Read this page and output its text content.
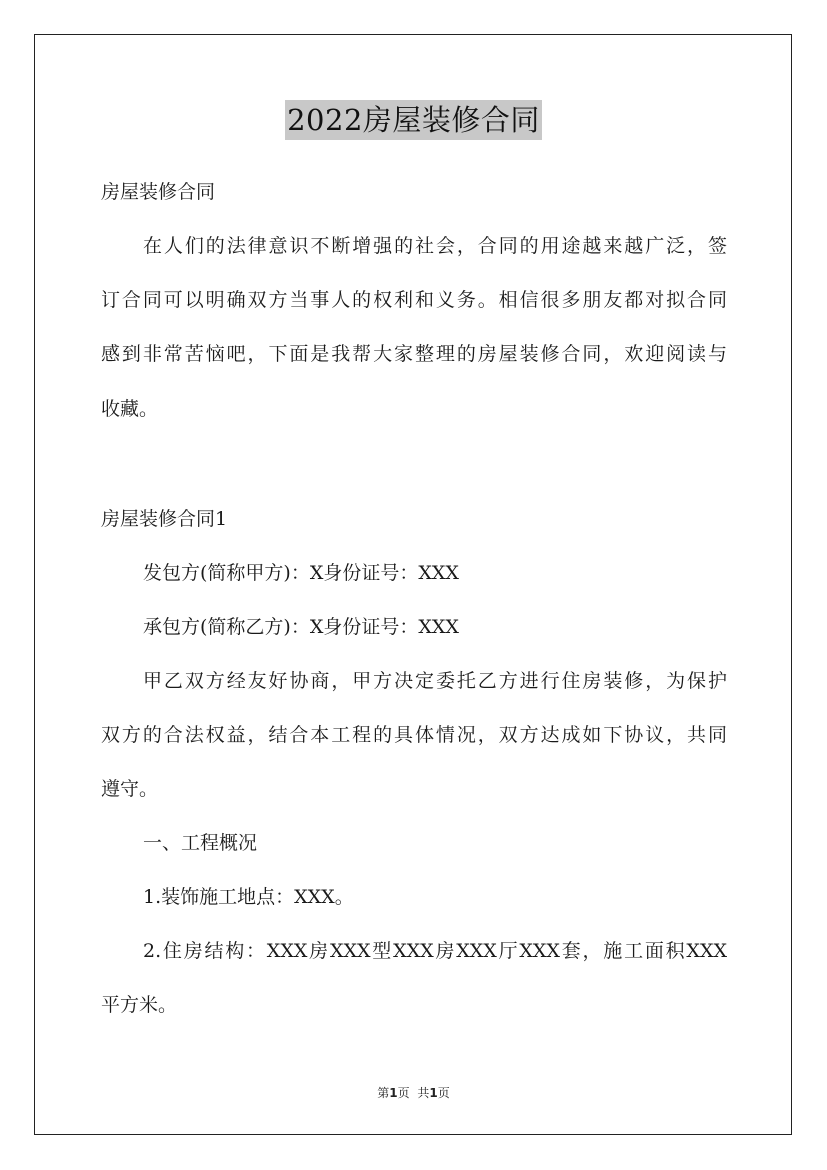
2022房屋装修合同
房屋装修合同
在人们的法律意识不断增强的社会，合同的用途越来越广泛，签
订合同可以明确双方当事人的权利和义务。相信很多朋友都对拟合同
感到非常苦恼吧，下面是我帮大家整理的房屋装修合同，欢迎阅读与
收藏。
房屋装修合同1
发包方(简称甲方)：X身份证号：XXX
承包方(简称乙方)：X身份证号：XXX
甲乙双方经友好协商，甲方决定委托乙方进行住房装修，为保护
双方的合法权益，结合本工程的具体情况，双方达成如下协议，共同
遵守。
一、工程概况
1.装饰施工地点：XXX。
2.住房结构：XXX房XXX型XXX房XXX厅XXX套，施工面积XXX
平方米。
第1页 共1页
